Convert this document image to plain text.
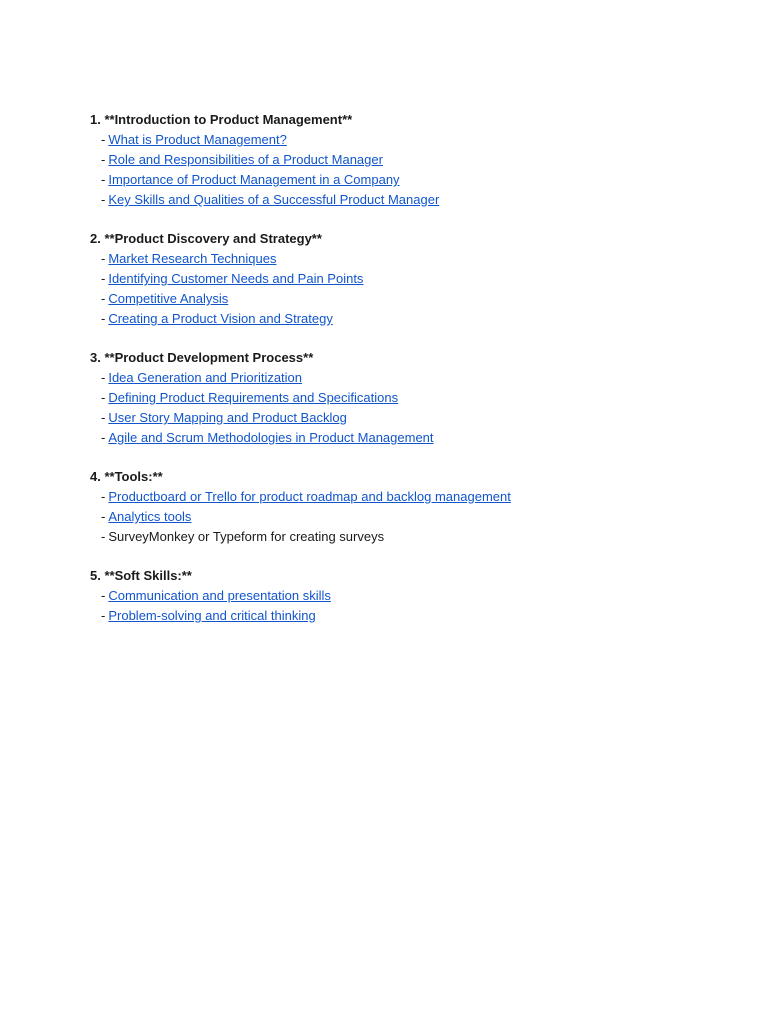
1. **Introduction to Product Management**
- What is Product Management?
- Role and Responsibilities of a Product Manager
- Importance of Product Management in a Company
- Key Skills and Qualities of a Successful Product Manager
2. **Product Discovery and Strategy**
- Market Research Techniques
- Identifying Customer Needs and Pain Points
- Competitive Analysis
- Creating a Product Vision and Strategy
3. **Product Development Process**
- Idea Generation and Prioritization
- Defining Product Requirements and Specifications
- User Story Mapping and Product Backlog
- Agile and Scrum Methodologies in Product Management
4. **Tools:**
- Productboard or Trello for product roadmap and backlog management
- Analytics tools
- SurveyMonkey or Typeform for creating surveys
5. **Soft Skills:**
- Communication and presentation skills
- Problem-solving and critical thinking
